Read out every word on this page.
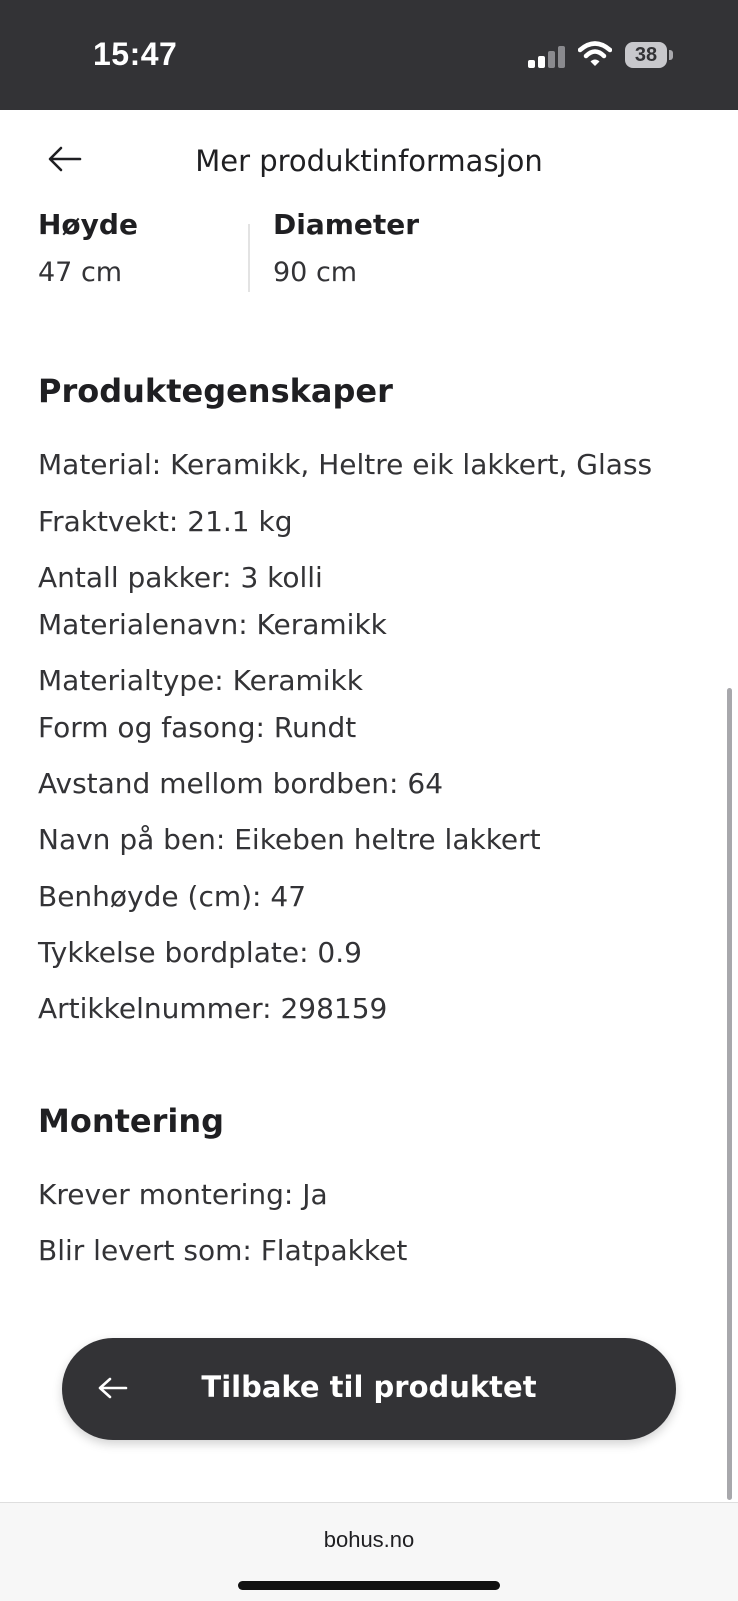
15:47	38
Mer produktinformasjon
Høyde
47 cm
Diameter
90 cm
Produktegenskaper
Material: Keramikk, Heltre eik lakkert, Glass
Fraktvekt: 21.1 kg
Antall pakker: 3 kolli
Materialenavn: Keramikk
Materialtype: Keramikk
Form og fasong: Rundt
Avstand mellom bordben: 64
Navn på ben: Eikeben heltre lakkert
Benhøyde (cm): 47
Tykkelse bordplate: 0.9
Artikkelnummer: 298159
Montering
Krever montering: Ja
Blir levert som: Flatpakket
Tilbake til produktet
bohus.no
